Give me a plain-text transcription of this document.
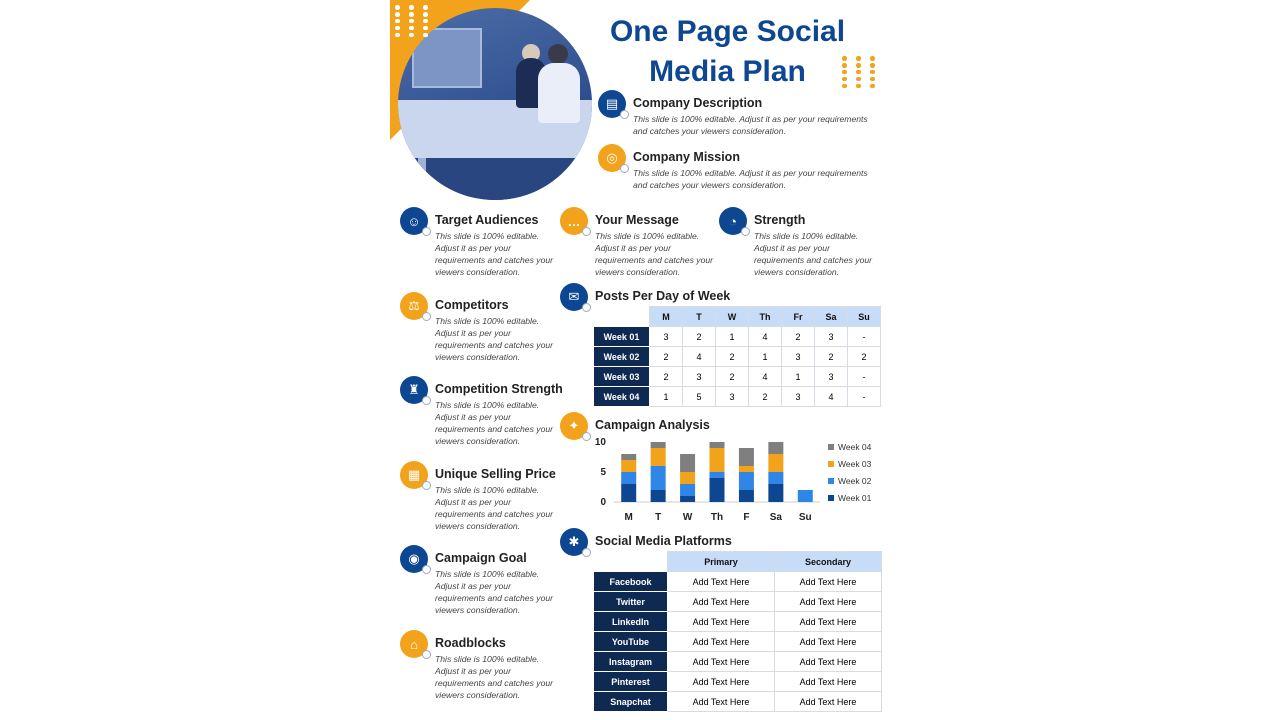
One Page Social Media Plan
▤	Company Description
This slide is 100% editable. Adjust it as per your requirements and catches your viewers consideration.
◎	Company Mission
This slide is 100% editable. Adjust it as per your requirements and catches your viewers consideration.
☺	Target Audiences
This slide is 100% editable. Adjust it as per your requirements and catches your viewers consideration.
⚖	Competitors
This slide is 100% editable. Adjust it as per your requirements and catches your viewers consideration.
♜	Competition Strength
This slide is 100% editable. Adjust it as per your requirements and catches your viewers consideration.
▦	Unique Selling Price
This slide is 100% editable. Adjust it as per your requirements and catches your viewers consideration.
◉	Campaign Goal
This slide is 100% editable. Adjust it as per your requirements and catches your viewers consideration.
⌂	Roadblocks
This slide is 100% editable. Adjust it as per your requirements and catches your viewers consideration.
…	Your Message
This slide is 100% editable. Adjust it as per your requirements and catches your viewers consideration.
◔	Strength
This slide is 100% editable. Adjust it as per your requirements and catches your viewers consideration.
✉	Posts Per Day of Week
	M	T	W	Th	Fr	Sa	Su
Week 01	3	2	1	4	2	3	-
Week 02	2	4	2	1	3	2	2
Week 03	2	3	2	4	1	3	-
Week 04	1	5	3	2	3	4	-
✦	Campaign Analysis
0
5
10
M T W Th F Sa Su
Week 04
Week 03
Week 02
Week 01
✱	Social Media Platforms
	Primary	Secondary
Facebook	Add Text Here	Add Text Here
Twitter	Add Text Here	Add Text Here
LinkedIn	Add Text Here	Add Text Here
YouTube	Add Text Here	Add Text Here
Instagram	Add Text Here	Add Text Here
Pinterest	Add Text Here	Add Text Here
Snapchat	Add Text Here	Add Text Here
